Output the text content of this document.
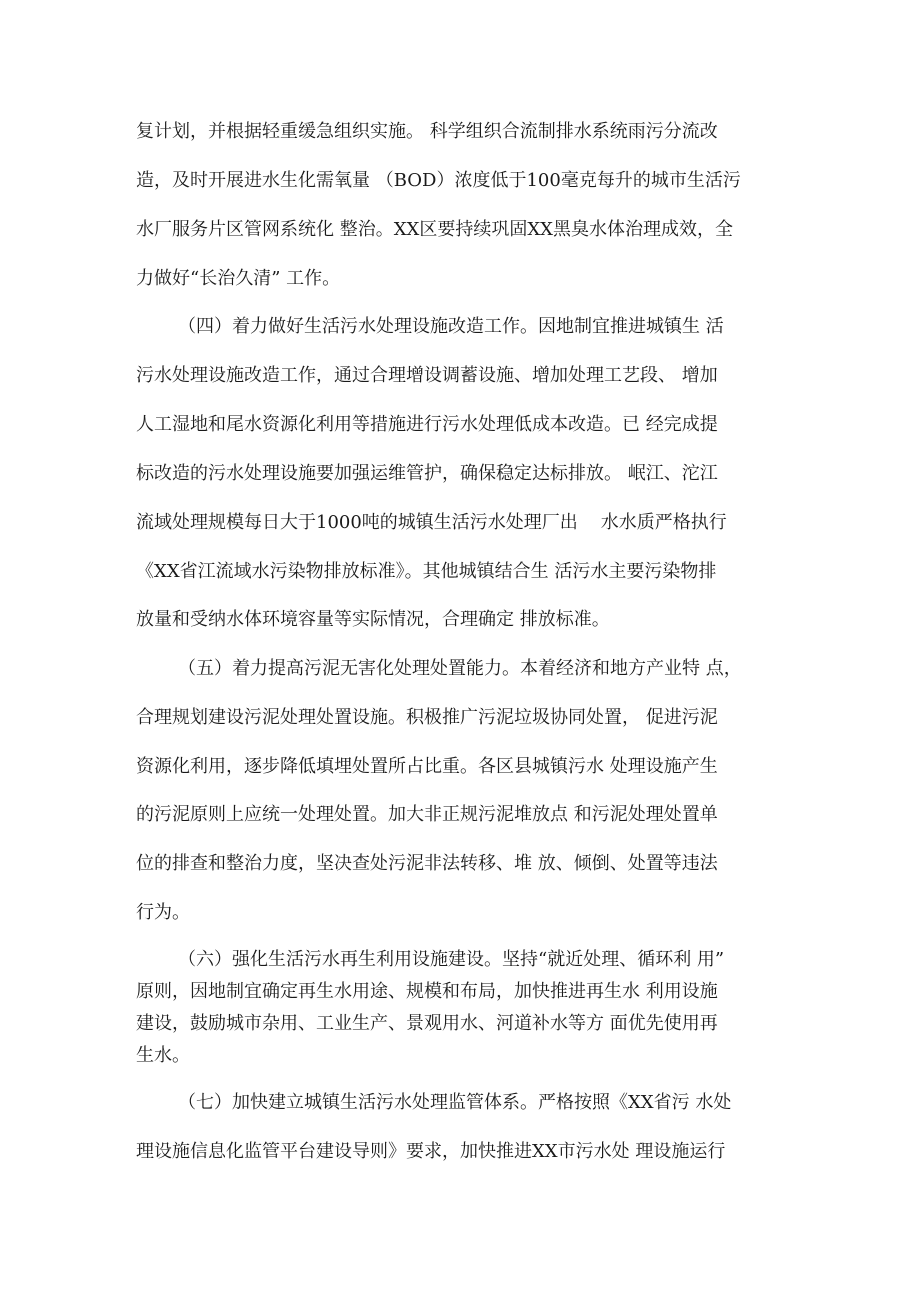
复计划，并根据轻重缓急组织实施。 科学组织合流制排水系统雨污分流改
造，及时开展进水生化需氧量 （BOD）浓度低于100毫克每升的城市生活污
水厂服务片区管网系统化 整治。XX区要持续巩固XX黑臭水体治理成效，全
力做好“长治久清” 工作。
（四）着力做好生活污水处理设施改造工作。因地制宜推进城镇生 活
污水处理设施改造工作，通过合理增设调蓄设施、增加处理工艺段、 增加
人工湿地和尾水资源化利用等措施进行污水处理低成本改造。已 经完成提
标改造的污水处理设施要加强运维管护，确保稳定达标排放。 岷江、沱江
流域处理规模每日大于1000吨的城镇生活污水处理厂出    水水质严格执行
《XX省江流域水污染物排放标准》。其他城镇结合生 活污水主要污染物排
放量和受纳水体环境容量等实际情况，合理确定 排放标准。
（五）着力提高污泥无害化处理处置能力。本着经济和地方产业特 点，
合理规划建设污泥处理处置设施。积极推广污泥垃圾协同处置， 促进污泥
资源化利用，逐步降低填埋处置所占比重。各区县城镇污水 处理设施产生
的污泥原则上应统一处理处置。加大非正规污泥堆放点 和污泥处理处置单
位的排查和整治力度，坚决查处污泥非法转移、堆 放、倾倒、处置等违法
行为。
（六）强化生活污水再生利用设施建设。坚持“就近处理、循环利 用”
原则，因地制宜确定再生水用途、规模和布局，加快推进再生水 利用设施
建设，鼓励城市杂用、工业生产、景观用水、河道补水等方 面优先使用再
生水。
（七）加快建立城镇生活污水处理监管体系。严格按照《XX省污 水处
理设施信息化监管平台建设导则》要求，加快推进XX市污水处 理设施运行
